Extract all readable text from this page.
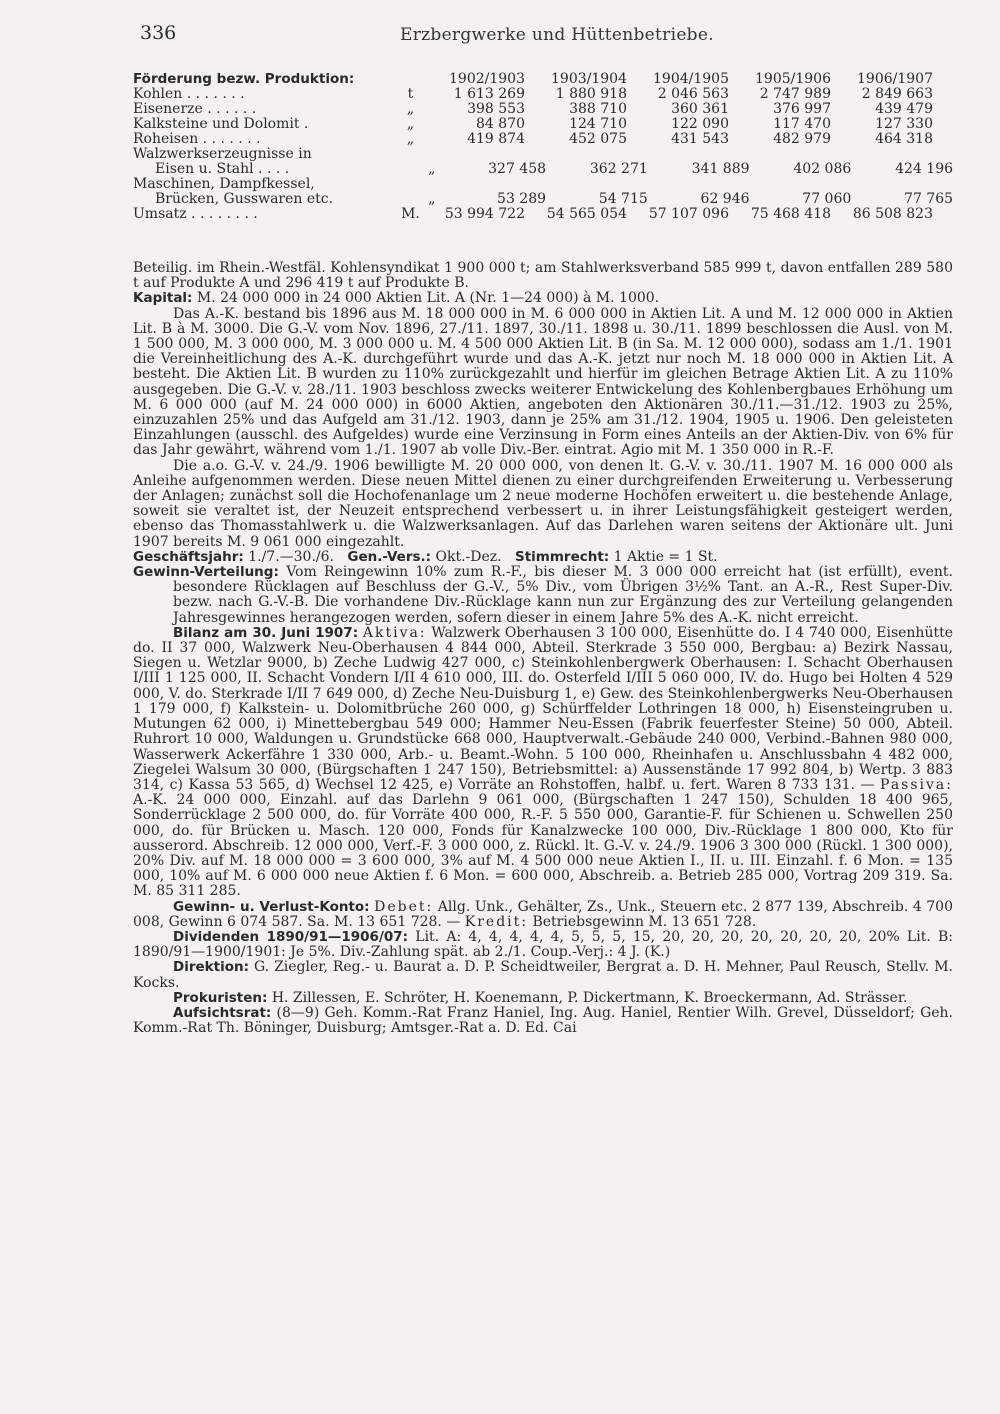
336	Erzbergwerke und Hüttenbetriebe.
Förderung bezw. Produktion:	1902/1903	1903/1904	1904/1905	1905/1906	1906/1907
Kohlen . . . . . . .	t	1 613 269	1 880 918	2 046 563	2 747 989	2 849 663
Eisenerze . . . . . .	„	398 553	388 710	360 361	376 997	439 479
Kalksteine und Dolomit .	„	84 870	124 710	122 090	117 470	127 330
Roheisen . . . . . . .	„	419 874	452 075	431 543	482 979	464 318
Walzwerkserzeugnisse in
Eisen u. Stahl . . . .	„	327 458	362 271	341 889	402 086	424 196
Maschinen, Dampfkessel,
Brücken, Gusswaren etc.	„	53 289	54 715	62 946	77 060	77 765
Umsatz . . . . . . . .	M.	53 994 722	54 565 054	57 107 096	75 468 418	86 508 823

Beteilig. im Rhein.-Westfäl. Kohlensyndikat 1 900 000 t; am Stahlwerksverband 585 999 t, davon entfallen 289 580 t auf Produkte A und 296 419 t auf Produkte B.

Kapital: M. 24 000 000 in 24 000 Aktien Lit. A (Nr. 1—24 000) à M. 1000.

Das A.-K. bestand bis 1896 aus M. 18 000 000 in M. 6 000 000 in Aktien Lit. A und M. 12 000 000 in Aktien Lit. B à M. 3000. Die G.-V. vom Nov. 1896, 27./11. 1897, 30./11. 1898 u. 30./11. 1899 beschlossen die Ausl. von M. 1 500 000, M. 3 000 000, M. 3 000 000 u. M. 4 500 000 Aktien Lit. B (in Sa. M. 12 000 000), sodass am 1./1. 1901 die Vereinheitlichung des A.-K. durchgeführt wurde und das A.-K. jetzt nur noch M. 18 000 000 in Aktien Lit. A besteht. Die Aktien Lit. B wurden zu 110% zurückgezahlt und hierfür im gleichen Betrage Aktien Lit. A zu 110% ausgegeben. Die G.-V. v. 28./11. 1903 beschloss zwecks weiterer Entwickelung des Kohlenbergbaues Erhöhung um M. 6 000 000 (auf M. 24 000 000) in 6000 Aktien, angeboten den Aktionären 30./11.—31./12. 1903 zu 25%, einzuzahlen 25% und das Aufgeld am 31./12. 1903, dann je 25% am 31./12. 1904, 1905 u. 1906. Den geleisteten Einzahlungen (ausschl. des Aufgeldes) wurde eine Verzinsung in Form eines Anteils an der Aktien-Div. von 6% für das Jahr gewährt, während vom 1./1. 1907 ab volle Div.-Ber. eintrat. Agio mit M. 1 350 000 in R.-F.

Die a.o. G.-V. v. 24./9. 1906 bewilligte M. 20 000 000, von denen lt. G.-V. v. 30./11. 1907 M. 16 000 000 als Anleihe aufgenommen werden. Diese neuen Mittel dienen zu einer durchgreifenden Erweiterung u. Verbesserung der Anlagen; zunächst soll die Hochofenanlage um 2 neue moderne Hochöfen erweitert u. die bestehende Anlage, soweit sie veraltet ist, der Neuzeit entsprechend verbessert u. in ihrer Leistungsfähigkeit gesteigert werden, ebenso das Thomasstahlwerk u. die Walzwerksanlagen. Auf das Darlehen waren seitens der Aktionäre ult. Juni 1907 bereits M. 9 061 000 eingezahlt.

Geschäftsjahr: 1./7.—30./6. Gen.-Vers.: Okt.-Dez. Stimmrecht: 1 Aktie = 1 St.

Gewinn-Verteilung: Vom Reingewinn 10% zum R.-F., bis dieser M. 3 000 000 erreicht hat (ist erfüllt), event. besondere Rücklagen auf Beschluss der G.-V., 5% Div., vom Übrigen 3½% Tant. an A.-R., Rest Super-Div. bezw. nach G.-V.-B. Die vorhandene Div.-Rücklage kann nun zur Ergänzung des zur Verteilung gelangenden Jahresgewinnes herangezogen werden, sofern dieser in einem Jahre 5% des A.-K. nicht erreicht.

Bilanz am 30. Juni 1907: Aktiva: Walzwerk Oberhausen 3 100 000, Eisenhütte do. I 4 740 000, Eisenhütte do. II 37 000, Walzwerk Neu-Oberhausen 4 844 000, Abteil. Sterkrade 3 550 000, Bergbau: a) Bezirk Nassau, Siegen u. Wetzlar 9000, b) Zeche Ludwig 427 000, c) Steinkohlenbergwerk Oberhausen: I. Schacht Oberhausen I/III 1 125 000, II. Schacht Vondern I/II 4 610 000, III. do. Osterfeld I/III 5 060 000, IV. do. Hugo bei Holten 4 529 000, V. do. Sterkrade I/II 7 649 000, d) Zeche Neu-Duisburg 1, e) Gew. des Steinkohlenbergwerks Neu-Oberhausen 1 179 000, f) Kalkstein- u. Dolomitbrüche 260 000, g) Schürffelder Lothringen 18 000, h) Eisensteingruben u. Mutungen 62 000, i) Minettebergbau 549 000; Hammer Neu-Essen (Fabrik feuerfester Steine) 50 000, Abteil. Ruhrort 10 000, Waldungen u. Grundstücke 668 000, Hauptverwalt.-Gebäude 240 000, Verbind.-Bahnen 980 000, Wasserwerk Ackerfähre 1 330 000, Arb.- u. Beamt.-Wohn. 5 100 000, Rheinhafen u. Anschlussbahn 4 482 000, Ziegelei Walsum 30 000, (Bürgschaften 1 247 150), Betriebsmittel: a) Aussenstände 17 992 804, b) Wertp. 3 883 314, c) Kassa 53 565, d) Wechsel 12 425, e) Vorräte an Rohstoffen, halbf. u. fert. Waren 8 733 131. — Passiva: A.-K. 24 000 000, Einzahl. auf das Darlehn 9 061 000, (Bürgschaften 1 247 150), Schulden 18 400 965, Sonderrücklage 2 500 000, do. für Vorräte 400 000, R.-F. 5 550 000, Garantie-F. für Schienen u. Schwellen 250 000, do. für Brücken u. Masch. 120 000, Fonds für Kanalzwecke 100 000, Div.-Rücklage 1 800 000, Kto für ausserord. Abschreib. 12 000 000, Verf.-F. 3 000 000, z. Rückl. lt. G.-V. v. 24./9. 1906 3 300 000 (Rückl. 1 300 000), 20% Div. auf M. 18 000 000 = 3 600 000, 3% auf M. 4 500 000 neue Aktien I., II. u. III. Einzahl. f. 6 Mon. = 135 000, 10% auf M. 6 000 000 neue Aktien f. 6 Mon. = 600 000, Abschreib. a. Betrieb 285 000, Vortrag 209 319. Sa. M. 85 311 285.

Gewinn- u. Verlust-Konto: Debet: Allg. Unk., Gehälter, Zs., Unk., Steuern etc. 2 877 139, Abschreib. 4 700 008, Gewinn 6 074 587. Sa. M. 13 651 728. — Kredit: Betriebsgewinn M. 13 651 728.

Dividenden 1890/91—1906/07: Lit. A: 4, 4, 4, 4, 4, 5, 5, 5, 15, 20, 20, 20, 20, 20, 20, 20, 20% Lit. B: 1890/91—1900/1901: Je 5%. Div.-Zahlung spät. ab 2./1. Coup.-Verj.: 4 J. (K.)

Direktion: G. Ziegler, Reg.- u. Baurat a. D. P. Scheidtweiler, Bergrat a. D. H. Mehner, Paul Reusch, Stellv. M. Kocks.

Prokuristen: H. Zillessen, E. Schröter, H. Koenemann, P. Dickertmann, K. Broeckermann, Ad. Strässer.

Aufsichtsrat: (8—9) Geh. Komm.-Rat Franz Haniel, Ing. Aug. Haniel, Rentier Wilh. Grevel, Düsseldorf; Geh. Komm.-Rat Th. Böninger, Duisburg; Amtsger.-Rat a. D. Ed. Cai
